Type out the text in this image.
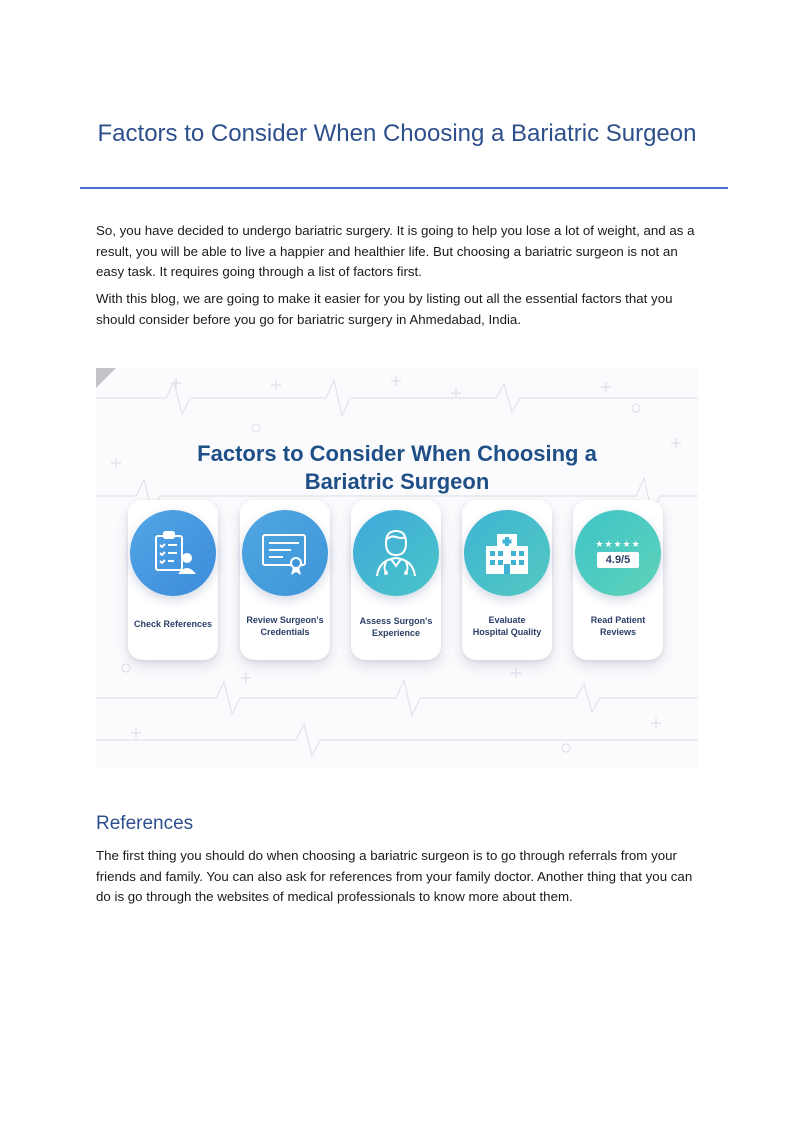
Factors to Consider When Choosing a Bariatric Surgeon

So, you have decided to undergo bariatric surgery. It is going to help you lose a lot of weight, and as a result, you will be able to live a happier and healthier life. But choosing a bariatric surgeon is not an easy task. It requires going through a list of factors first.

With this blog, we are going to make it easier for you by listing out all the essential factors that you should consider before you go for bariatric surgery in Ahmedabad, India.

Factors to Consider When Choosing a Bariatric Surgeon
Check References	Review Surgeon's Credentials
Assess Surgon's Experience
Evaluate Hospital Quality
★★★★★
4.9/5
Read Patient Reviews
References

The first thing you should do when choosing a bariatric surgeon is to go through referrals from your friends and family. You can also ask for references from your family doctor. Another thing that you can do is go through the websites of medical professionals to know more about them.
